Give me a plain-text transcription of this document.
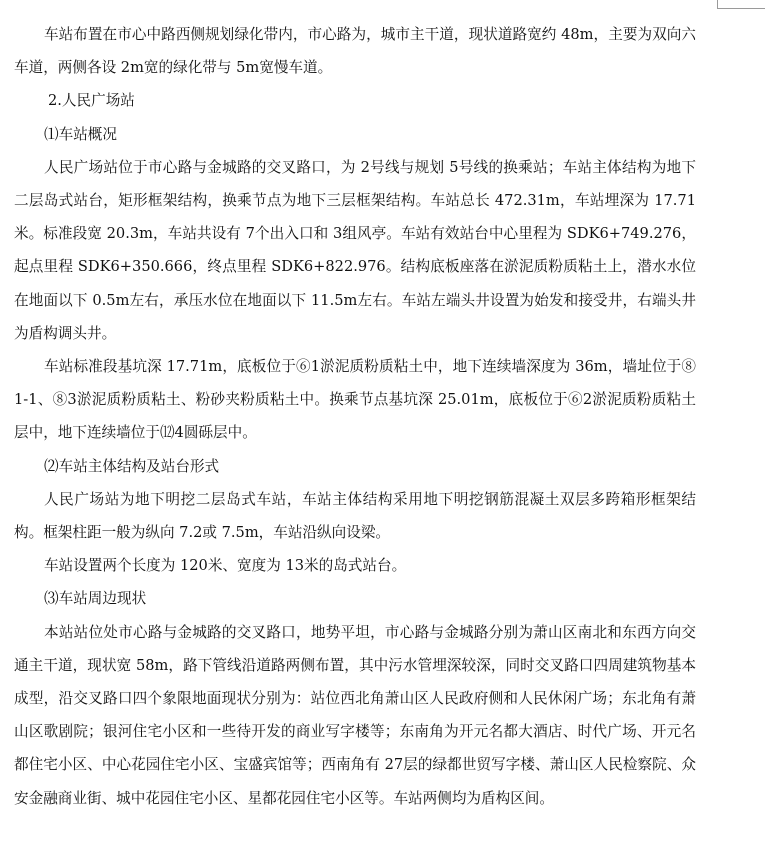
车站布置在市心中路西侧规划绿化带内，市心路为，城市主干道，现状道路宽约 48m，主要为双向六车道，两侧各设 2m宽的绿化带与 5m宽慢车道。

2.人民广场站

⑴车站概况

人民广场站位于市心路与金城路的交叉路口，为 2号线与规划 5号线的换乘站；车站主体结构为地下二层岛式站台，矩形框架结构，换乘节点为地下三层框架结构。车站总长 472.31m，车站埋深为 17.71米。标准段宽 20.3m，车站共设有 7个出入口和 3组风亭。车站有效站台中心里程为 SDK6+749.276，起点里程 SDK6+350.666，终点里程 SDK6+822.976。结构底板座落在淤泥质粉质粘土上，潜水水位在地面以下 0.5m左右，承压水位在地面以下 11.5m左右。车站左端头井设置为始发和接受井，右端头井为盾构调头井。

车站标准段基坑深 17.71m，底板位于⑥1淤泥质粉质粘土中，地下连续墙深度为 36m，墙址位于⑧1-1、⑧3淤泥质粉质粘土、粉砂夹粉质粘土中。换乘节点基坑深 25.01m，底板位于⑥2淤泥质粉质粘土层中，地下连续墙位于⑿4圆砾层中。

⑵车站主体结构及站台形式

人民广场站为地下明挖二层岛式车站，车站主体结构采用地下明挖钢筋混凝土双层多跨箱形框架结构。框架柱距一般为纵向 7.2或 7.5m，车站沿纵向设梁。

车站设置两个长度为 120米、宽度为 13米的岛式站台。

⑶车站周边现状

本站站位处市心路与金城路的交叉路口，地势平坦，市心路与金城路分别为萧山区南北和东西方向交通主干道，现状宽 58m，路下管线沿道路两侧布置，其中污水管埋深较深，同时交叉路口四周建筑物基本成型，沿交叉路口四个象限地面现状分别为：站位西北角萧山区人民政府侧和人民休闲广场；东北角有萧山区歌剧院；银河住宅小区和一些待开发的商业写字楼等；东南角为开元名都大酒店、时代广场、开元名都住宅小区、中心花园住宅小区、宝盛宾馆等；西南角有 27层的绿都世贸写字楼、萧山区人民检察院、众安金融商业街、城中花园住宅小区、星都花园住宅小区等。车站两侧均为盾构区间。
